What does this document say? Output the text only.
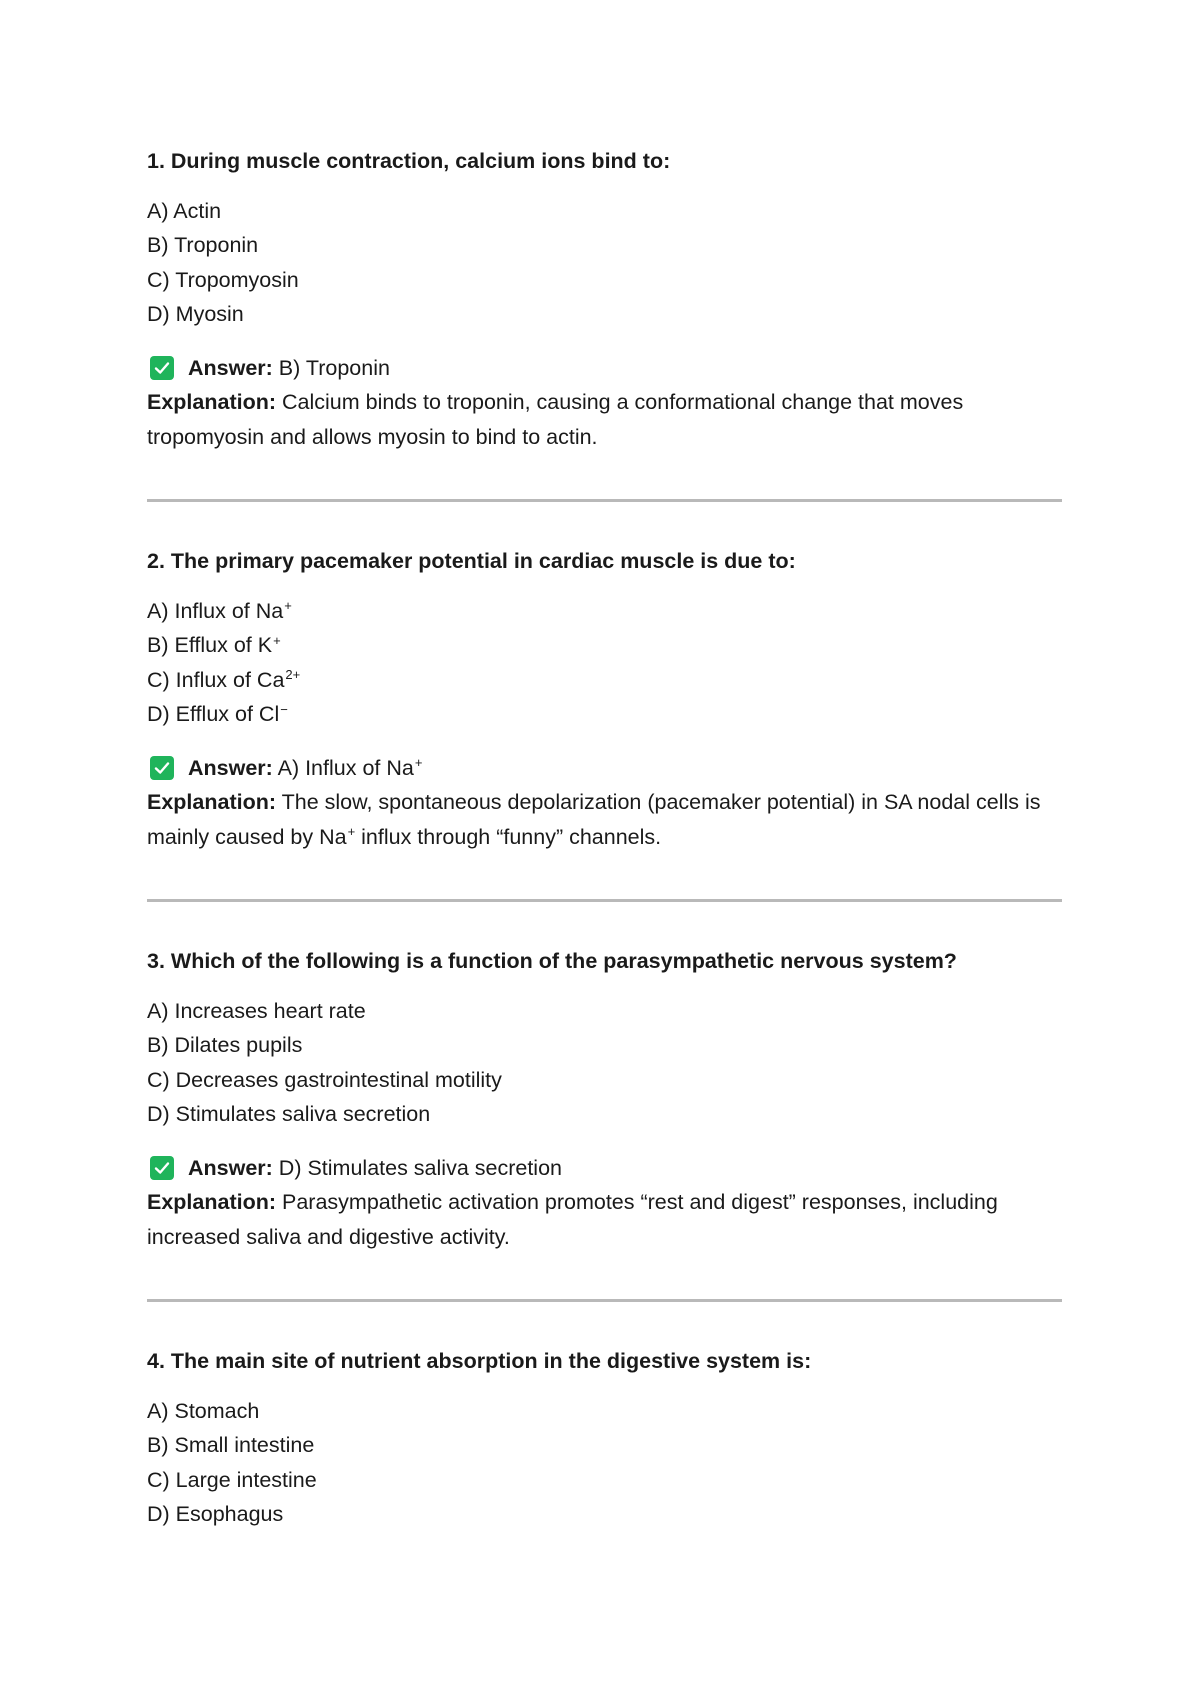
1. During muscle contraction, calcium ions bind to:

A) Actin

B) Troponin

C) Tropomyosin

D) Myosin

Answer: B) Troponin

Explanation: Calcium binds to troponin, causing a conformational change that moves tropomyosin and allows myosin to bind to actin.

2. The primary pacemaker potential in cardiac muscle is due to:

A) Influx of Na+

B) Efflux of K+

C) Influx of $Ca^{2+}$

D) Efflux of Cl−

Answer: A) Influx of Na+

Explanation: The slow, spontaneous depolarization (pacemaker potential) in SA nodal cells is mainly caused by Na+ influx through “funny” channels.

3. Which of the following is a function of the parasympathetic nervous system?

A) Increases heart rate

B) Dilates pupils

C) Decreases gastrointestinal motility

D) Stimulates saliva secretion

Answer: D) Stimulates saliva secretion

Explanation: Parasympathetic activation promotes “rest and digest” responses, including increased saliva and digestive activity.

4. The main site of nutrient absorption in the digestive system is:

A) Stomach

B) Small intestine

C) Large intestine

D) Esophagus
